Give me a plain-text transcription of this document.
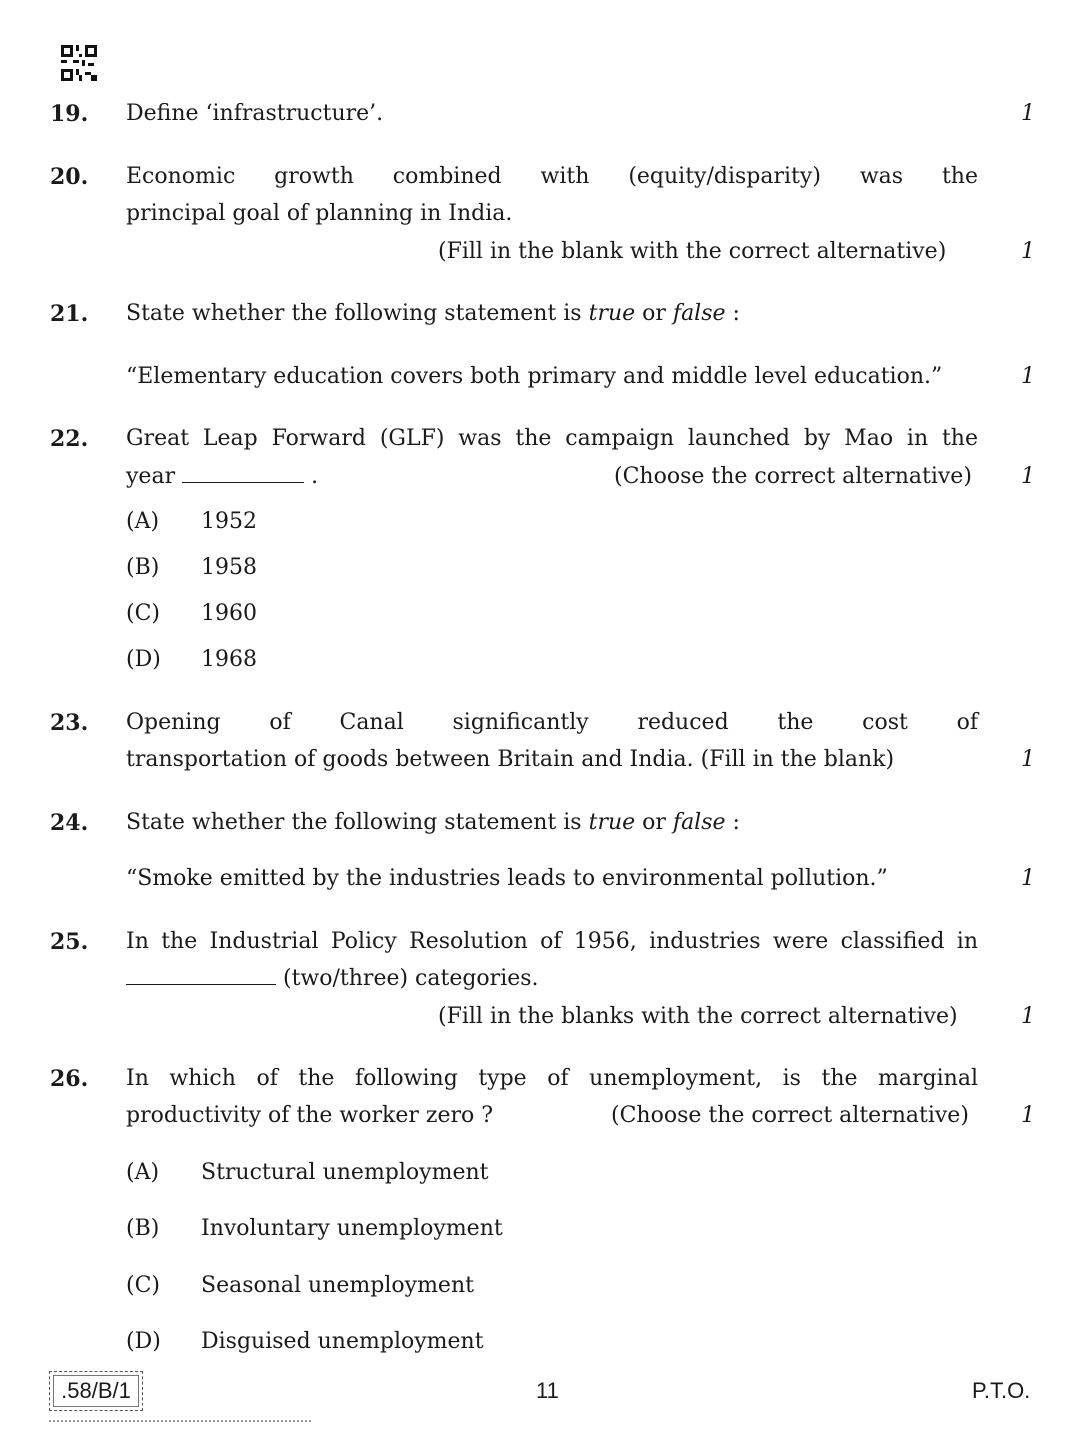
19. Define ‘infrastructure’.	1
20. Economic growth combined with (equity/disparity) was the
principal goal of planning in India.
(Fill in the blank with the correct alternative)	1
21. State whether the following statement is true or false :
“Elementary education covers both primary and middle level education.”	1
22. Great Leap Forward (GLF) was the campaign launched by Mao in the
year	.	(Choose the correct alternative) 1
(A) 1952
(B) 1958
(C) 1960
(D) 1968
23. Opening of Canal significantly reduced the cost of
transportation of goods between Britain and India. (Fill in the blank)	1
24. State whether the following statement is true or false :
“Smoke emitted by the industries leads to environmental pollution.”	1
25. In the Industrial Policy Resolution of 1956, industries were classified in
(two/three) categories.
(Fill in the blanks with the correct alternative)	1
26. In which of the following type of unemployment, is the marginal
productivity of the worker zero ?	(Choose the correct alternative) 1
(A) Structural unemployment
(B) Involuntary unemployment
(C) Seasonal unemployment
(D) Disguised unemployment
.58/B/1	11	P.T.O.
